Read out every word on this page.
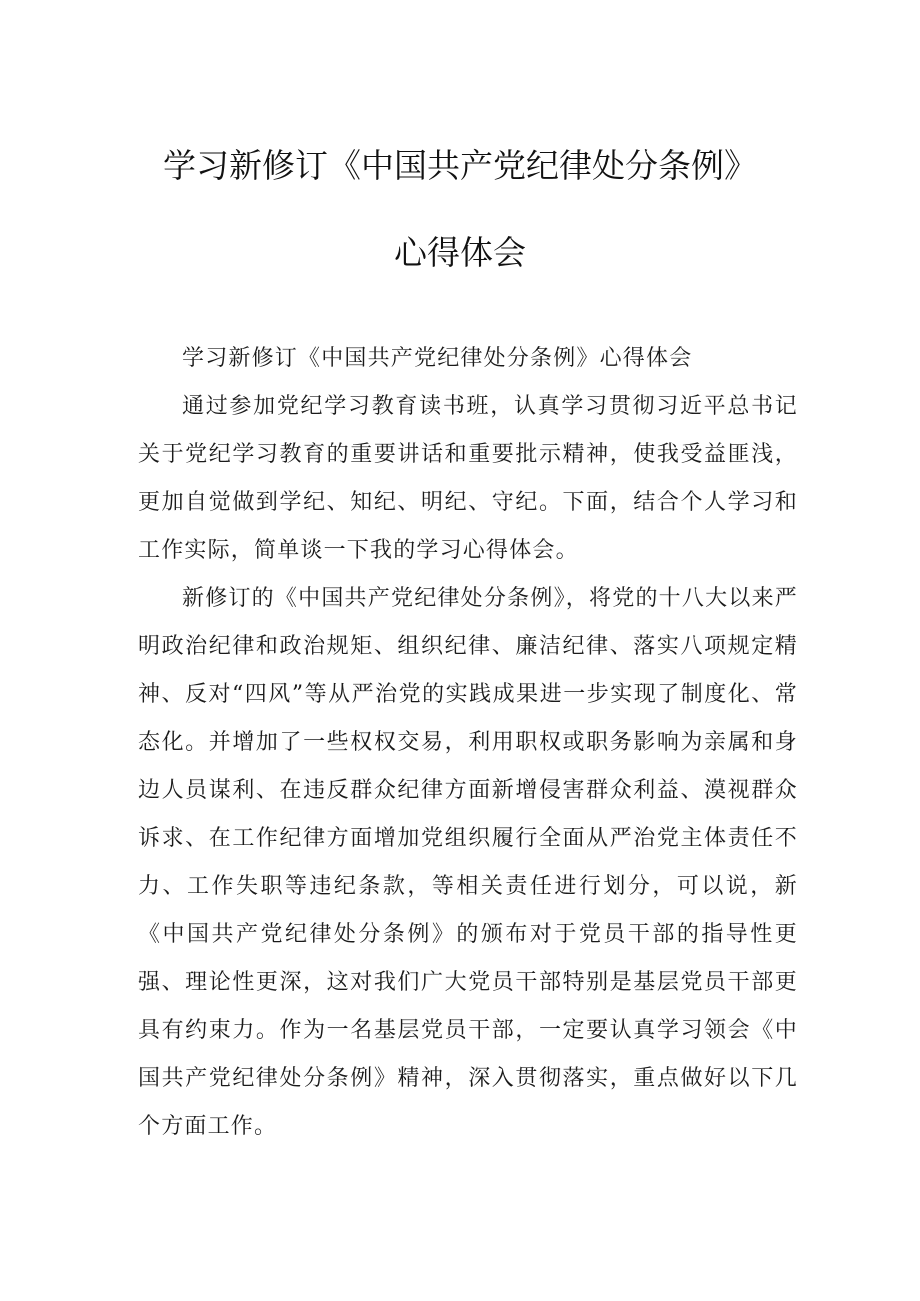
学习新修订《中国共产党纪律处分条例》
心得体会

学习新修订《中国共产党纪律处分条例》心得体会

通过参加党纪学习教育读书班，认真学习贯彻习近平总书记关于党纪学习教育的重要讲话和重要批示精神，使我受益匪浅，更加自觉做到学纪、知纪、明纪、守纪。下面，结合个人学习和工作实际，简单谈一下我的学习心得体会。

新修订的《中国共产党纪律处分条例》，将党的十八大以来严明政治纪律和政治规矩、组织纪律、廉洁纪律、落实八项规定精神、反对“四风”等从严治党的实践成果进一步实现了制度化、常态化。并增加了一些权权交易，利用职权或职务影响为亲属和身边人员谋利、在违反群众纪律方面新增侵害群众利益、漠视群众诉求、在工作纪律方面增加党组织履行全面从严治党主体责任不力、工作失职等违纪条款，等相关责任进行划分，可以说，新《中国共产党纪律处分条例》的颁布对于党员干部的指导性更强、理论性更深，这对我们广大党员干部特别是基层党员干部更具有约束力。作为一名基层党员干部，一定要认真学习领会《中国共产党纪律处分条例》精神，深入贯彻落实，重点做好以下几个方面工作。
